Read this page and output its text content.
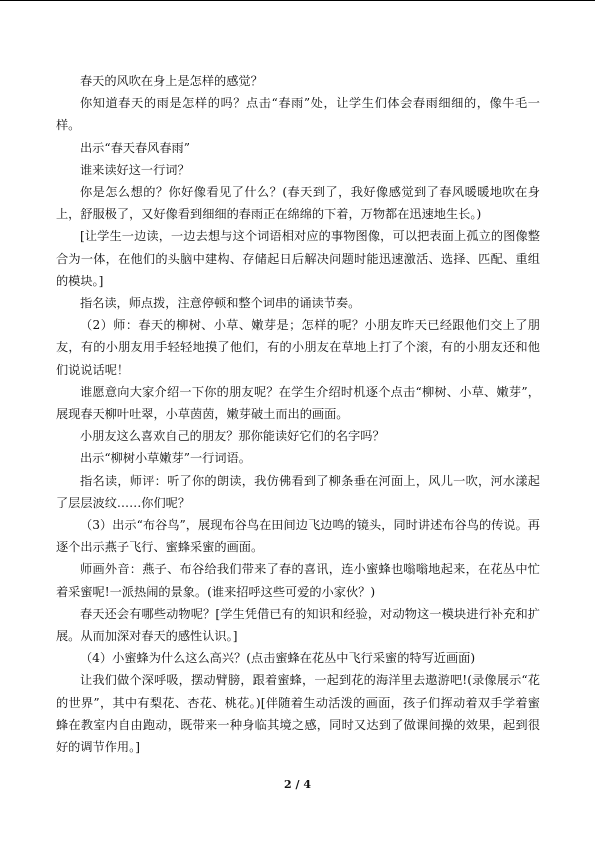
春天的风吹在身上是怎样的感觉？

你知道春天的雨是怎样的吗？点击“春雨”处，让学生们体会春雨细细的，像牛毛一样。

出示“春天春风春雨”

谁来读好这一行词？

你是怎么想的？你好像看见了什么？(春天到了，我好像感觉到了春风暖暖地吹在身上，舒服极了，又好像看到细细的春雨正在绵绵的下着，万物都在迅速地生长。)

[让学生一边读，一边去想与这个词语相对应的事物图像，可以把表面上孤立的图像整合为一体，在他们的头脑中建构、存储起日后解决问题时能迅速激活、选择、匹配、重组的模块。]

指名读，师点拨，注意停顿和整个词串的诵读节奏。

（2）师：春天的柳树、小草、嫩芽是；怎样的呢？小朋友昨天已经跟他们交上了朋友，有的小朋友用手轻轻地摸了他们，有的小朋友在草地上打了个滚，有的小朋友还和他们说说话呢！

谁愿意向大家介绍一下你的朋友呢？在学生介绍时机逐个点击“柳树、小草、嫩芽”，展现春天柳叶吐翠，小草茵茵，嫩芽破土而出的画面。

小朋友这么喜欢自己的朋友？那你能读好它们的名字吗？

出示“柳树小草嫩芽”一行词语。

指名读，师评：听了你的朗读，我仿佛看到了柳条垂在河面上，风儿一吹，河水漾起了层层波纹……你们呢？

（3）出示“布谷鸟”，展现布谷鸟在田间边飞边鸣的镜头，同时讲述布谷鸟的传说。再逐个出示燕子飞行、蜜蜂采蜜的画面。

师画外音：燕子、布谷给我们带来了春的喜讯，连小蜜蜂也嗡嗡地起来，在花丛中忙着采蜜呢!一派热闹的景象。(谁来招呼这些可爱的小家伙？)

春天还会有哪些动物呢？[学生凭借已有的知识和经验，对动物这一模块进行补充和扩展。从而加深对春天的感性认识。]

（4）小蜜蜂为什么这么高兴？(点击蜜蜂在花丛中飞行采蜜的特写近画面)

让我们做个深呼吸，摆动臂膀，跟着蜜蜂，一起到花的海洋里去遨游吧!(录像展示“花的世界”，其中有梨花、杏花、桃花。)[伴随着生动活泼的画面，孩子们挥动着双手学着蜜蜂在教室内自由跑动，既带来一种身临其境之感，同时又达到了做课间操的效果，起到很好的调节作用。]

2 / 4
